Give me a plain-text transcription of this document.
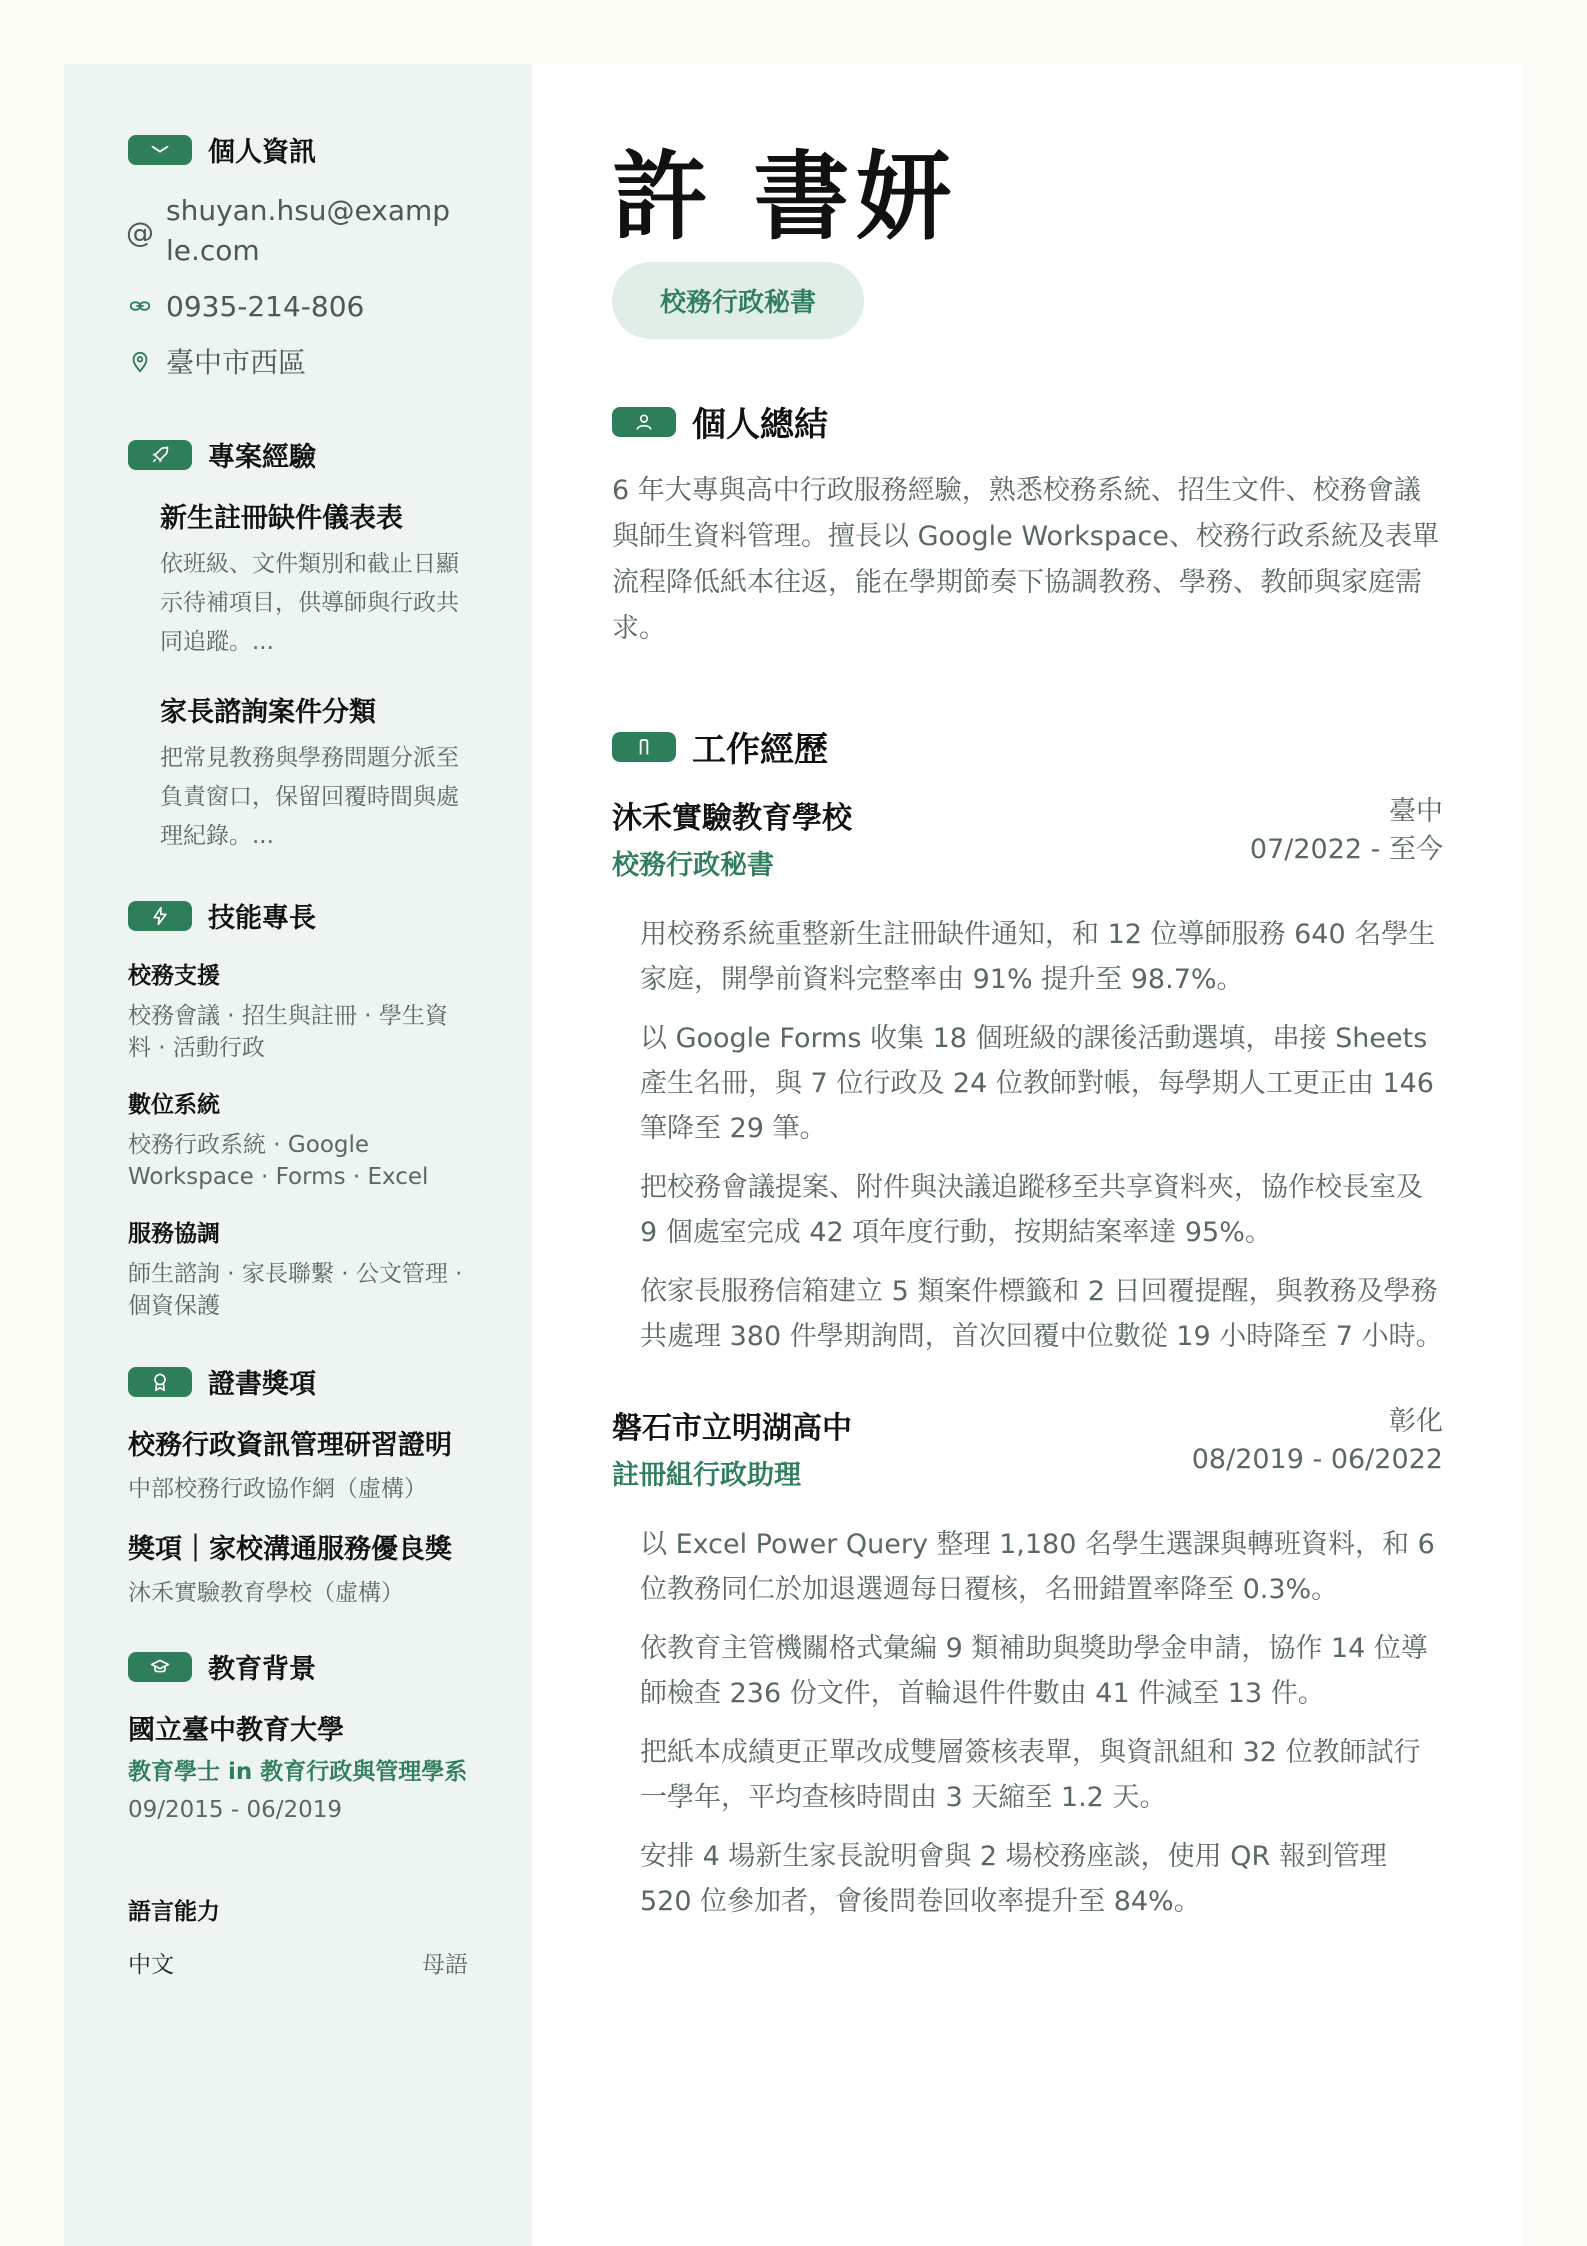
個人資訊
@
shuyan.hsu@example.com
0935-214-806
臺中市西區
專案經驗
新生註冊缺件儀表表
依班級、文件類別和截止日顯示待補項目，供導師與行政共同追蹤。...
家長諮詢案件分類
把常見教務與學務問題分派至負責窗口，保留回覆時間與處理紀錄。...
技能專長
校務支援
校務會議 · 招生與註冊 · 學生資料 · 活動行政
數位系統
校務行政系統 · Google Workspace · Forms · Excel
服務協調
師生諮詢 · 家長聯繫 · 公文管理 · 個資保護
證書獎項
校務行政資訊管理研習證明
中部校務行政協作網（虛構）
獎項｜家校溝通服務優良獎
沐禾實驗教育學校（虛構）
教育背景
國立臺中教育大學
教育學士 in 教育行政與管理學系
09/2015 - 06/2019
語言能力
中文	母語
許 書妍
校務行政秘書
個人總結
6 年大專與高中行政服務經驗，熟悉校務系統、招生文件、校務會議與師生資料管理。擅長以 Google Workspace、校務行政系統及表單流程降低紙本往返，能在學期節奏下協調教務、學務、教師與家庭需求。
工作經歷
沐禾實驗教育學校
校務行政秘書
臺中
07/2022 - 至今
用校務系統重整新生註冊缺件通知，和 12 位導師服務 640 名學生家庭，開學前資料完整率由 91% 提升至 98.7%。
以 Google Forms 收集 18 個班級的課後活動選填，串接 Sheets 產生名冊，與 7 位行政及 24 位教師對帳，每學期人工更正由 146 筆降至 29 筆。
把校務會議提案、附件與決議追蹤移至共享資料夾，協作校長室及 9 個處室完成 42 項年度行動，按期結案率達 95%。
依家長服務信箱建立 5 類案件標籤和 2 日回覆提醒，與教務及學務共處理 380 件學期詢問，首次回覆中位數從 19 小時降至 7 小時。
磐石市立明湖高中
註冊組行政助理
彰化
08/2019 - 06/2022
以 Excel Power Query 整理 1,180 名學生選課與轉班資料，和 6 位教務同仁於加退選週每日覆核，名冊錯置率降至 0.3%。
依教育主管機關格式彙編 9 類補助與獎助學金申請，協作 14 位導師檢查 236 份文件，首輪退件件數由 41 件減至 13 件。
把紙本成績更正單改成雙層簽核表單，與資訊組和 32 位教師試行一學年，平均查核時間由 3 天縮至 1.2 天。
安排 4 場新生家長說明會與 2 場校務座談，使用 QR 報到管理 520 位參加者，會後問卷回收率提升至 84%。
